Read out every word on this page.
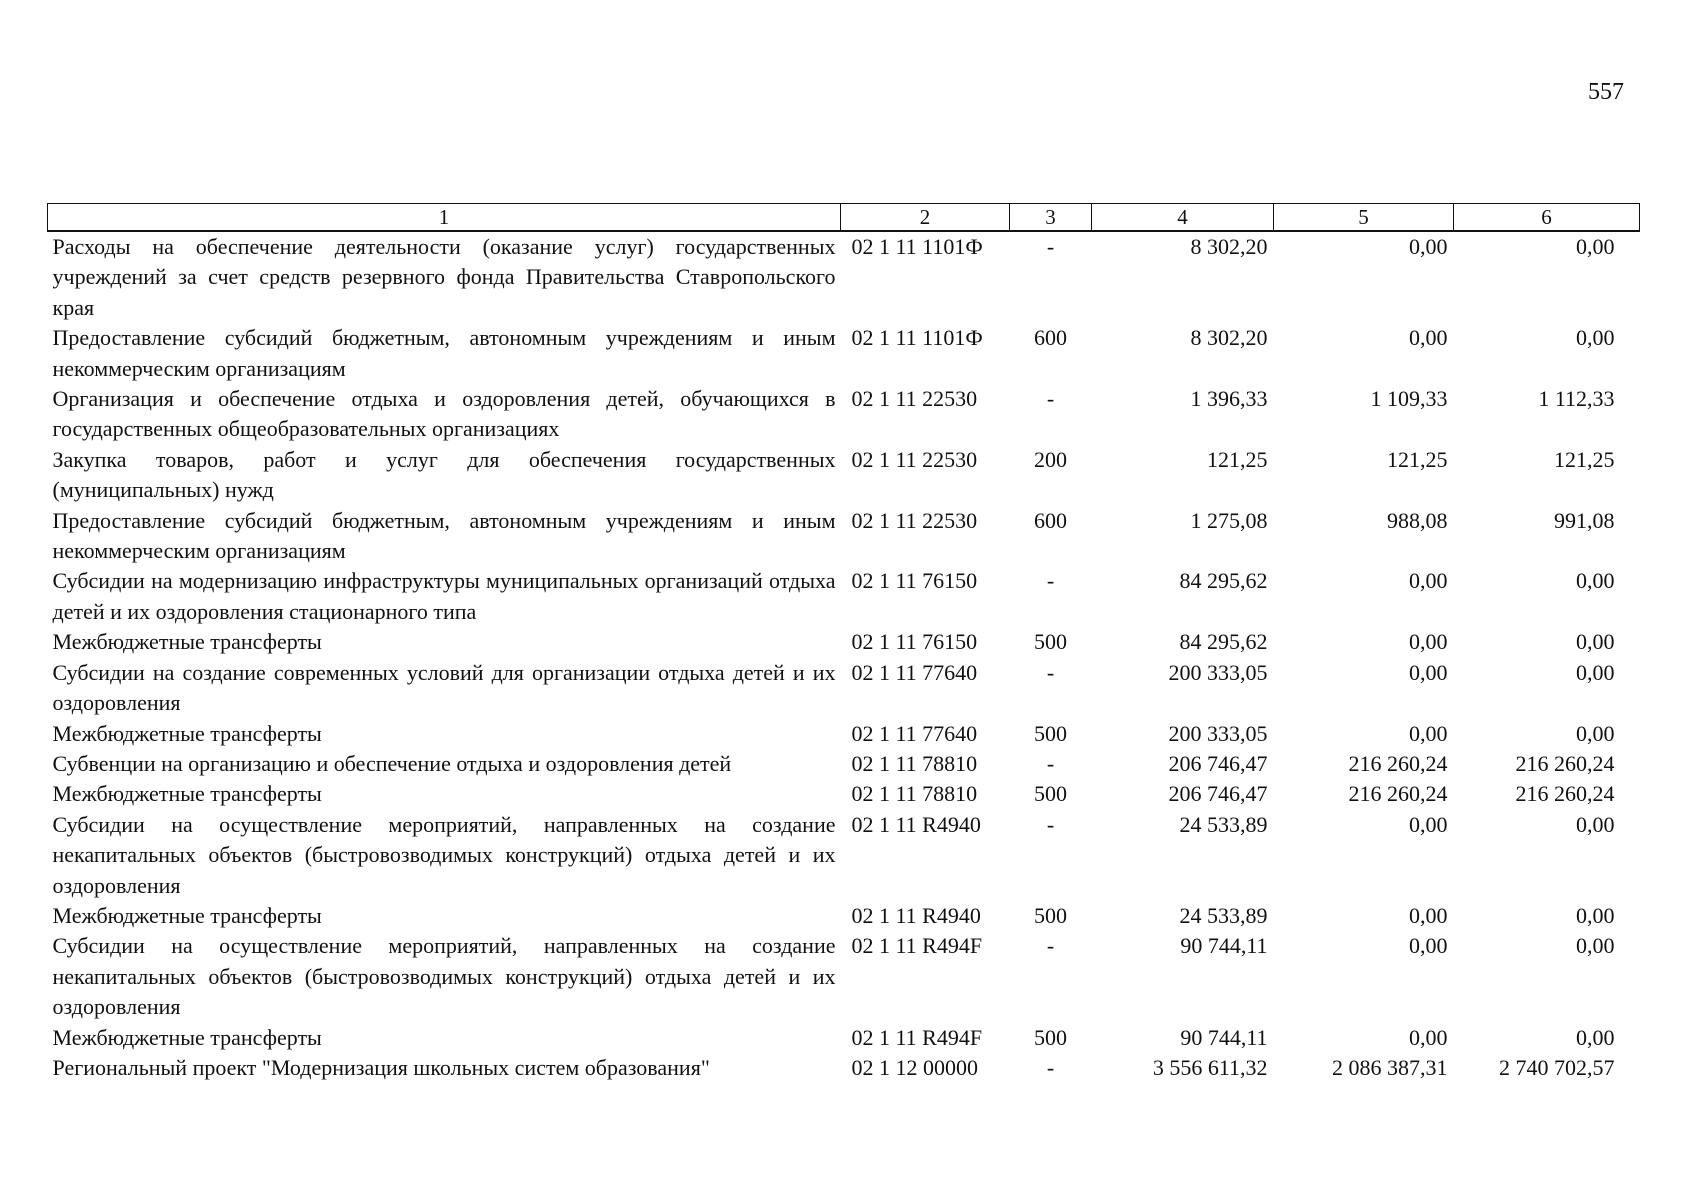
557
1	2	3	4	5	6
Расходы на обеспечение деятельности (оказание услуг) государственных учреждений за счет средств резервного фонда Правительства Ставропольского края	02 1 11 1101Ф	-	8 302,20	0,00	0,00
Предоставление субсидий бюджетным, автономным учреждениям и иным некоммерческим организациям	02 1 11 1101Ф	600	8 302,20	0,00	0,00
Организация и обеспечение отдыха и оздоровления детей, обучающихся в государственных общеобразовательных организациях	02 1 11 22530	-	1 396,33	1 109,33	1 112,33
Закупка товаров, работ и услуг для обеспечения государственных (муниципальных) нужд	02 1 11 22530	200	121,25	121,25	121,25
Предоставление субсидий бюджетным, автономным учреждениям и иным некоммерческим организациям	02 1 11 22530	600	1 275,08	988,08	991,08
Субсидии на модернизацию инфраструктуры муниципальных организаций отдыха детей и их оздоровления стационарного типа	02 1 11 76150	-	84 295,62	0,00	0,00
Межбюджетные трансферты	02 1 11 76150	500	84 295,62	0,00	0,00
Субсидии на создание современных условий для организации отдыха детей и их оздоровления	02 1 11 77640	-	200 333,05	0,00	0,00
Межбюджетные трансферты	02 1 11 77640	500	200 333,05	0,00	0,00
Субвенции на организацию и обеспечение отдыха и оздоровления детей	02 1 11 78810	-	206 746,47	216 260,24	216 260,24
Межбюджетные трансферты	02 1 11 78810	500	206 746,47	216 260,24	216 260,24
Субсидии на осуществление мероприятий, направленных на создание некапитальных объектов (быстровозводимых конструкций) отдыха детей и их оздоровления	02 1 11 R4940	-	24 533,89	0,00	0,00
Межбюджетные трансферты	02 1 11 R4940	500	24 533,89	0,00	0,00
Субсидии на осуществление мероприятий, направленных на создание некапитальных объектов (быстровозводимых конструкций) отдыха детей и их оздоровления	02 1 11 R494F	-	90 744,11	0,00	0,00
Межбюджетные трансферты	02 1 11 R494F	500	90 744,11	0,00	0,00
Региональный проект "Модернизация школьных систем образования"	02 1 12 00000	-	3 556 611,32	2 086 387,31	2 740 702,57
